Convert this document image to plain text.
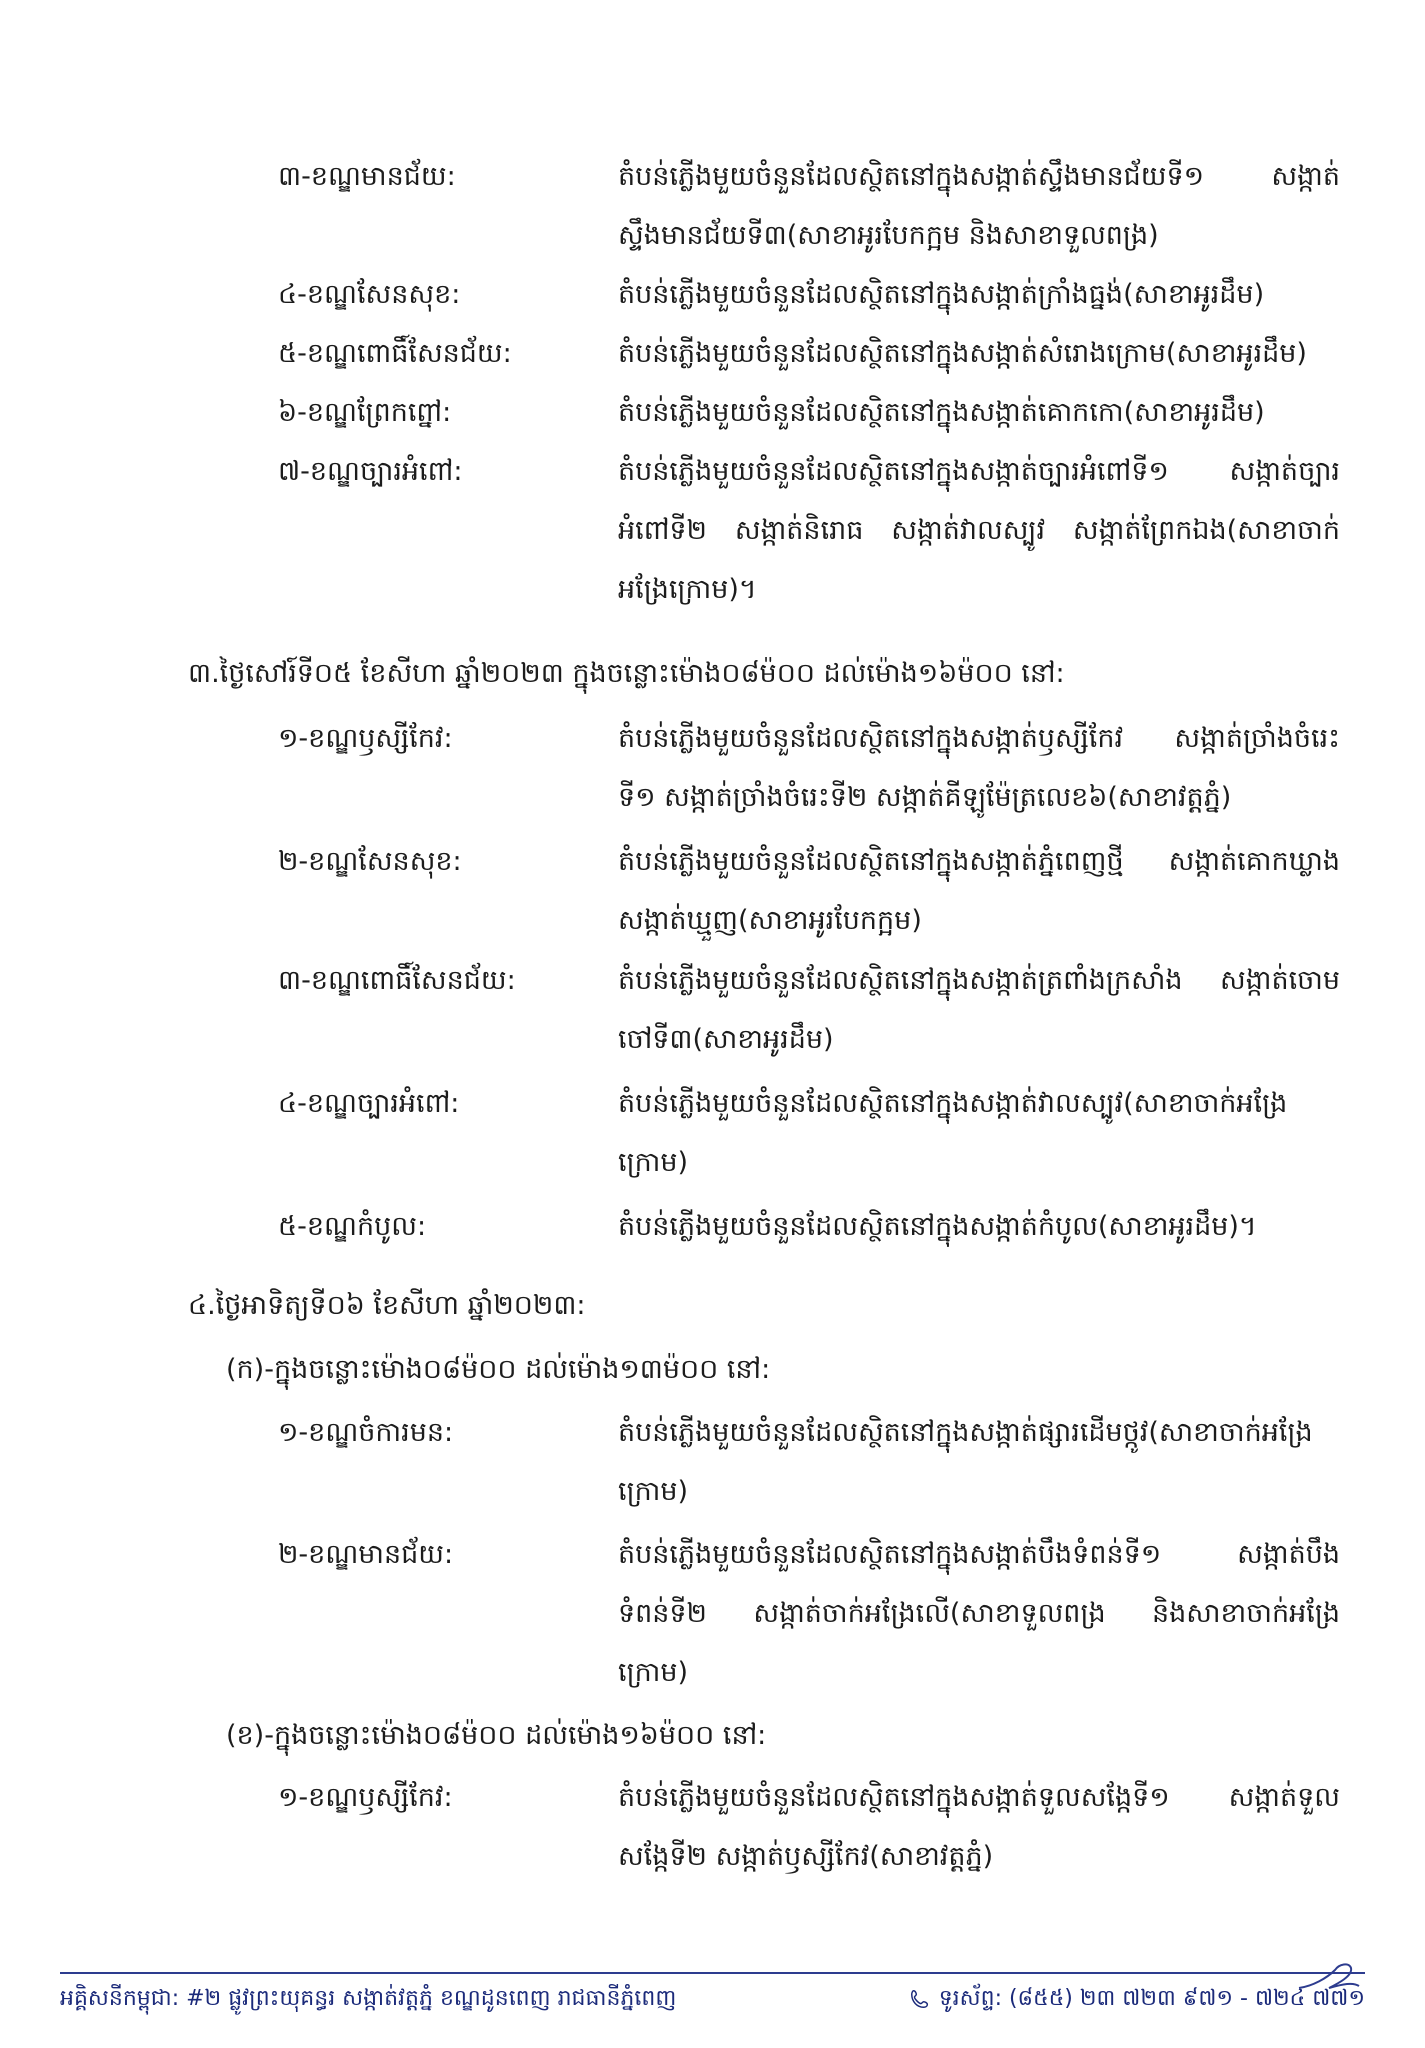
៣-ខណ្ឌមានជ័យ:	តំបន់ភ្លើងមួយចំនួនដែលស្ថិតនៅក្នុងសង្កាត់ស្ទឹងមានជ័យទី១ សង្កាត់
ស្ទឹងមានជ័យទី៣(សាខាអូរបែកក្អម និងសាខាទួលពង្រ)
៤-ខណ្ឌសែនសុខ:	តំបន់ភ្លើងមួយចំនួនដែលស្ថិតនៅក្នុងសង្កាត់ក្រាំងធ្នង់(សាខាអូរដឹម)
៥-ខណ្ឌពោធិ៍សែនជ័យ:	តំបន់ភ្លើងមួយចំនួនដែលស្ថិតនៅក្នុងសង្កាត់សំរោងក្រោម(សាខាអូរដឹម)
៦-ខណ្ឌព្រែកព្នៅ:	តំបន់ភ្លើងមួយចំនួនដែលស្ថិតនៅក្នុងសង្កាត់គោកកោ(សាខាអូរដឹម)
៧-ខណ្ឌច្បារអំពៅ:	តំបន់ភ្លើងមួយចំនួនដែលស្ថិតនៅក្នុងសង្កាត់ច្បារអំពៅទី១ សង្កាត់ច្បារ
អំពៅទី២ សង្កាត់និរោធ សង្កាត់វាលស្បូវ សង្កាត់ព្រែកឯង(សាខាចាក់
អង្រែក្រោម)។
៣.ថ្ងៃសៅរ៍ទី០៥ ខែសីហា ឆ្នាំ២០២៣ ក្នុងចន្លោះម៉ោង០៨ម៉០០ ដល់ម៉ោង១៦ម៉០០ នៅ:
១-ខណ្ឌឫស្សីកែវ:	តំបន់ភ្លើងមួយចំនួនដែលស្ថិតនៅក្នុងសង្កាត់ឫស្សីកែវ សង្កាត់ច្រាំងចំរេះ
ទី១ សង្កាត់ច្រាំងចំរេះទី២ សង្កាត់គីឡូម៉ែត្រលេខ៦(សាខាវត្តភ្នំ)
២-ខណ្ឌសែនសុខ:	តំបន់ភ្លើងមួយចំនួនដែលស្ថិតនៅក្នុងសង្កាត់ភ្នំពេញថ្មី សង្កាត់គោកឃ្លាង
សង្កាត់ឃ្មួញ(សាខាអូរបែកក្អម)
៣-ខណ្ឌពោធិ៍សែនជ័យ:	តំបន់ភ្លើងមួយចំនួនដែលស្ថិតនៅក្នុងសង្កាត់ត្រពាំងក្រសាំង សង្កាត់ចោម
ចៅទី៣(សាខាអូរដឹម)
៤-ខណ្ឌច្បារអំពៅ:	តំបន់ភ្លើងមួយចំនួនដែលស្ថិតនៅក្នុងសង្កាត់វាលស្បូវ(សាខាចាក់អង្រែ
ក្រោម)
៥-ខណ្ឌកំបូល:	តំបន់ភ្លើងមួយចំនួនដែលស្ថិតនៅក្នុងសង្កាត់កំបូល(សាខាអូរដឹម)។
៤.ថ្ងៃអាទិត្យទី០៦ ខែសីហា ឆ្នាំ២០២៣:
(ក)-ក្នុងចន្លោះម៉ោង០៨ម៉០០ ដល់ម៉ោង១៣ម៉០០ នៅ:
១-ខណ្ឌចំការមន:	តំបន់ភ្លើងមួយចំនួនដែលស្ថិតនៅក្នុងសង្កាត់ផ្សារដើមថ្កូវ(សាខាចាក់អង្រែ
ក្រោម)
២-ខណ្ឌមានជ័យ:	តំបន់ភ្លើងមួយចំនួនដែលស្ថិតនៅក្នុងសង្កាត់បឹងទំពន់ទី១ សង្កាត់បឹង
ទំពន់ទី២ សង្កាត់ចាក់អង្រែលើ(សាខាទួលពង្រ និងសាខាចាក់អង្រែ
ក្រោម)
(ខ)-ក្នុងចន្លោះម៉ោង០៨ម៉០០ ដល់ម៉ោង១៦ម៉០០ នៅ:
១-ខណ្ឌឫស្សីកែវ:	តំបន់ភ្លើងមួយចំនួនដែលស្ថិតនៅក្នុងសង្កាត់ទួលសង្កែទី១ សង្កាត់ទួល
សង្កែទី២ សង្កាត់ឫស្សីកែវ(សាខាវត្តភ្នំ)
អគ្គិសនីកម្ពុជា: #២ ផ្លូវព្រះយុគន្ធរ សង្កាត់វត្តភ្នំ ខណ្ឌដូនពេញ រាជធានីភ្នំពេញ	ទូរស័ព្ទ: (៨៥៥) ២៣ ៧២៣ ៩៧១ - ៧២៤ ៧៧១
